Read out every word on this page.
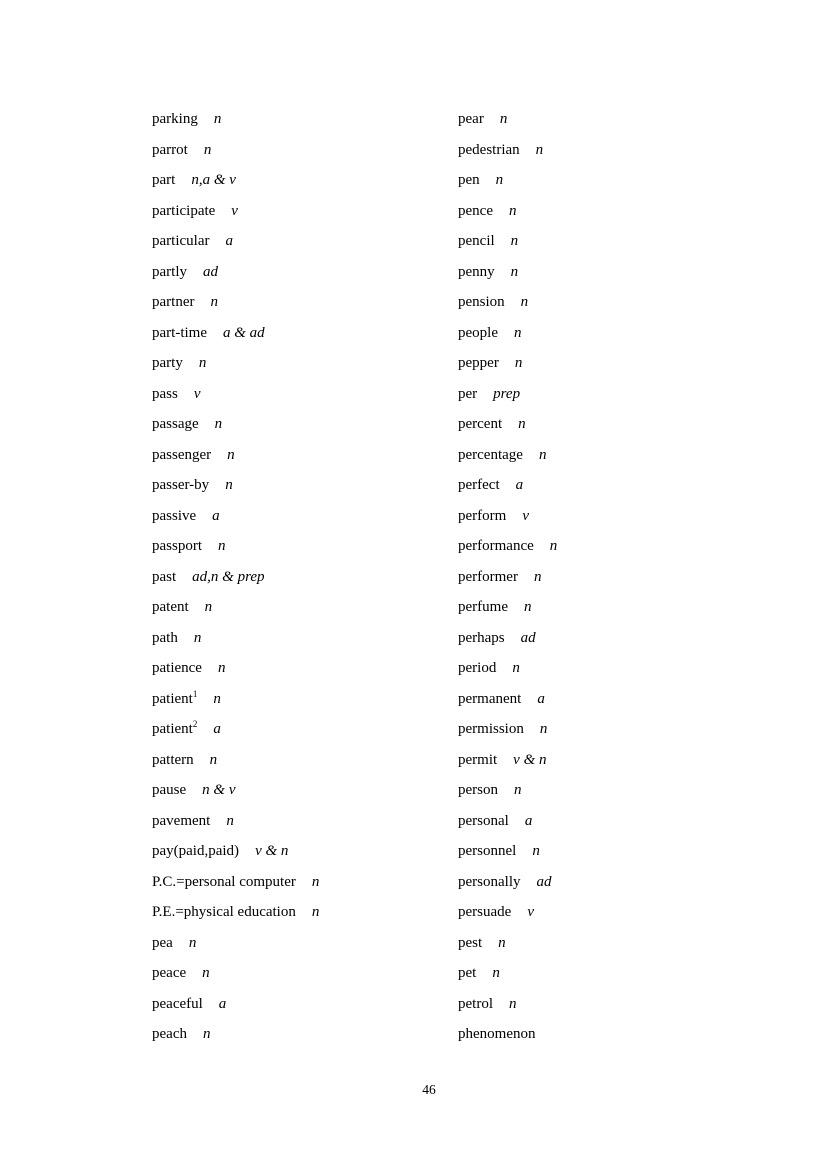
parking n
parrot n
part n,a & v
participate v
particular a
partly ad
partner n
part-time a & ad
party n
pass v
passage n
passenger n
passer-by n
passive a
passport n
past ad,n & prep
patent n
path n
patience n
patient$^1$ n
patient$^2$ a
pattern n
pause n & v
pavement n
pay(paid,paid) v & n
P.C.=personal computer n
P.E.=physical education n
pea n
peace n
peaceful a
peach n
pear n
pedestrian n
pen n
pence n
pencil n
penny n
pension n
people n
pepper n
per prep
percent n
percentage n
perfect a
perform v
performance n
performer n
perfume n
perhaps ad
period n
permanent a
permission n
permit v & n
person n
personal a
personnel n
personally ad
persuade v
pest n
pet n
petrol n
phenomenon
46
